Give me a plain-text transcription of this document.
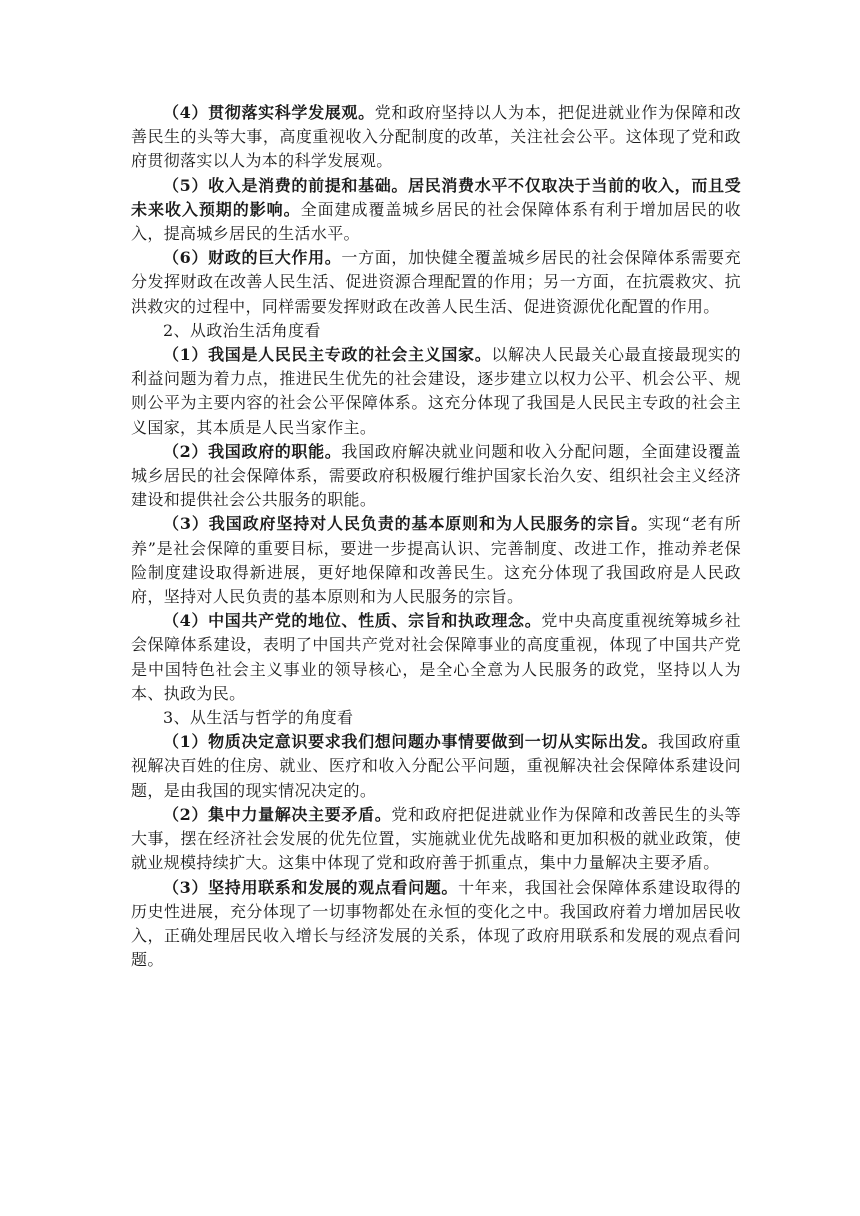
（4）贯彻落实科学发展观。党和政府坚持以人为本，把促进就业作为保障和改善民生的头等大事，高度重视收入分配制度的改革，关注社会公平。这体现了党和政府贯彻落实以人为本的科学发展观。

（5）收入是消费的前提和基础。居民消费水平不仅取决于当前的收入，而且受未来收入预期的影响。全面建成覆盖城乡居民的社会保障体系有利于增加居民的收入，提高城乡居民的生活水平。

（6）财政的巨大作用。一方面，加快健全覆盖城乡居民的社会保障体系需要充分发挥财政在改善人民生活、促进资源合理配置的作用；另一方面，在抗震救灾、抗洪救灾的过程中，同样需要发挥财政在改善人民生活、促进资源优化配置的作用。

2、从政治生活角度看

（1）我国是人民民主专政的社会主义国家。以解决人民最关心最直接最现实的利益问题为着力点，推进民生优先的社会建设，逐步建立以权力公平、机会公平、规则公平为主要内容的社会公平保障体系。这充分体现了我国是人民民主专政的社会主义国家，其本质是人民当家作主。

（2）我国政府的职能。我国政府解决就业问题和收入分配问题，全面建设覆盖城乡居民的社会保障体系，需要政府积极履行维护国家长治久安、组织社会主义经济建设和提供社会公共服务的职能。

（3）我国政府坚持对人民负责的基本原则和为人民服务的宗旨。实现“老有所养”是社会保障的重要目标，要进一步提高认识、完善制度、改进工作，推动养老保险制度建设取得新进展，更好地保障和改善民生。这充分体现了我国政府是人民政府，坚持对人民负责的基本原则和为人民服务的宗旨。

（4）中国共产党的地位、性质、宗旨和执政理念。党中央高度重视统筹城乡社会保障体系建设，表明了中国共产党对社会保障事业的高度重视，体现了中国共产党是中国特色社会主义事业的领导核心，是全心全意为人民服务的政党，坚持以人为本、执政为民。

3、从生活与哲学的角度看

（1）物质决定意识要求我们想问题办事情要做到一切从实际出发。我国政府重视解决百姓的住房、就业、医疗和收入分配公平问题，重视解决社会保障体系建设问题，是由我国的现实情况决定的。

（2）集中力量解决主要矛盾。党和政府把促进就业作为保障和改善民生的头等大事，摆在经济社会发展的优先位置，实施就业优先战略和更加积极的就业政策，使就业规模持续扩大。这集中体现了党和政府善于抓重点，集中力量解决主要矛盾。

（3）坚持用联系和发展的观点看问题。十年来，我国社会保障体系建设取得的历史性进展，充分体现了一切事物都处在永恒的变化之中。我国政府着力增加居民收入，正确处理居民收入增长与经济发展的关系，体现了政府用联系和发展的观点看问题。
